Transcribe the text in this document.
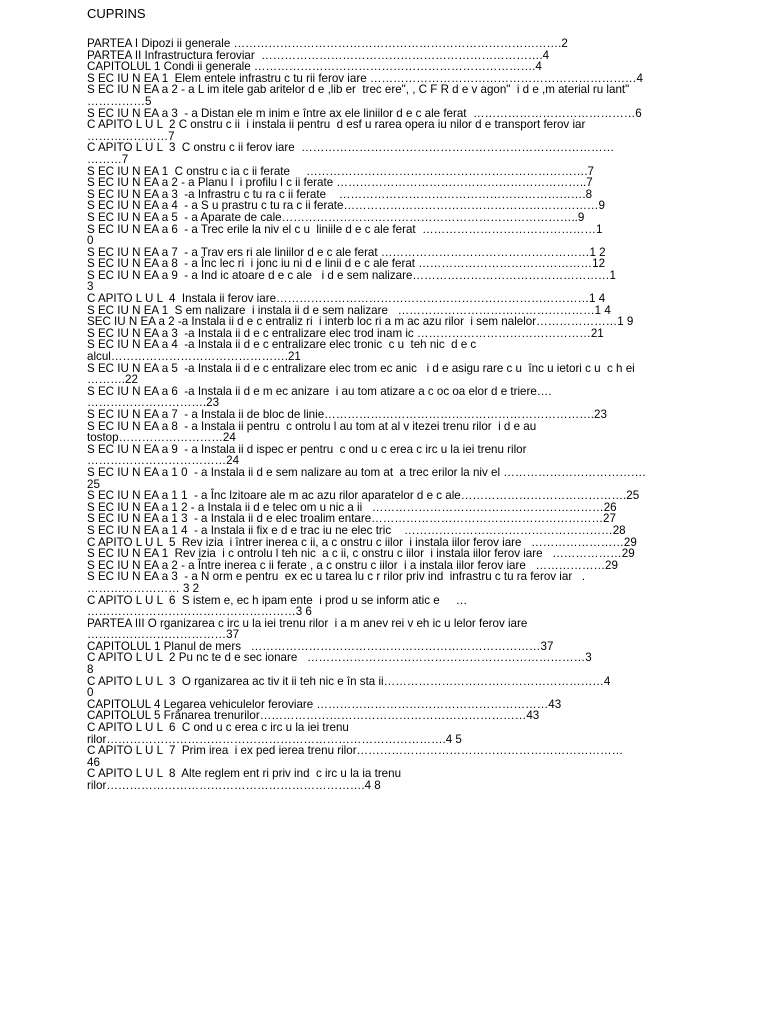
CUPRINS
PARTEA I Dipozi ii generale ………………………………………………………………………….2
PARTEA II Infrastructura feroviar  ……………………………………………………………….4
CAPITOLUL 1 Condi ii generale ……………………………………………………………….4
S EC IU N EA 1  Elem entele infrastru c tu rii ferov iare ……………………………………………………………4
S EC IU N EA a 2 - a L im itele gab aritelor d e ,lib er  trec ere", , C F R d e v agon"  i d e ,m aterial ru lant"
……………5
S EC IU N EA a 3  - a Distan ele m inim e între ax ele liniilor d e c ale ferat  ……………………………………6
C APITO L U L  2 C onstru c ii  i instala ii pentru  d esf u rarea opera iu nilor d e transport ferov iar
…………………7
C APITO L U L  3  C onstru c ii ferov iare  ………………………………………………………………………
………7
S EC IU N EA 1  C onstru c ia c ii ferate     ……………………………………………………………….7
S EC IU N EA a 2 - a Planu l  i profilu l c ii ferate ………………………………………………………..7
S EC IU N EA a 3  -a Infrastru c tu ra c ii ferate    ……………………………………………………….8
S EC IU N EA a 4  - a S u prastru c tu ra c ii ferate…………………………………………………………9
S EC IU N EA a 5  - a Aparate de cale…………………………………………………………………..9
S EC IU N EA a 6  - a Trec erile la niv el c u  liniile d e c ale ferat  ………………………………………1
0
S EC IU N EA a 7  - a Trav ers ri ale liniilor d e c ale ferat ………………………………………………1 2
S EC IU N EA a 8  - a Înc lec ri  i jonc iu ni d e linii d e c ale ferat ………………………………………12
S EC IU N EA a 9  - a Ind ic atoare d e c ale   i d e sem nalizare……………………………………………1
3
C APITO L U L  4  Instala ii ferov iare………………………………………………………………………1 4
S EC IU N EA 1  S em nalizare  i instala ii d e sem nalizare   ……………………………………………1 4
SEC IU N EA a 2 -a Instala ii d e c entraliz ri  i interb loc ri a m ac azu rilor  i sem nalelor…………………1 9
S EC IU N EA a 3  -a Instala ii d e c entralizare elec trod inam ic ………………………………………21
S EC IU N EA a 4  -a Instala ii d e c entralizare elec tronic  c u  teh nic  d e c
alcul……………………………………….21
S EC IU N EA a 5  -a Instala ii d e c entralizare elec trom ec anic   i d e asigu rare c u  înc u ietori c u  c h ei
……….22
S EC IU N EA a 6  -a Instala ii d e m ec anizare  i au tom atizare a c oc oa elor d e triere….
………………………….23
S EC IU N EA a 7  - a Instala ii de bloc de linie…………………………………………………………….23
S EC IU N EA a 8  - a Instala ii pentru  c ontrolu l au tom at al v itezei trenu rilor  i d e au
tostop………………………24
S EC IU N EA a 9  - a Instala ii d ispec er pentru  c ond u c erea c irc u la iei trenu rilor
………………………………24
S EC IU N EA a 1 0  - a Instala ii d e sem nalizare au tom at  a trec erilor la niv el ……………………………….
25
S EC IU N EA a 1 1  - a Înc lzitoare ale m ac azu rilor aparatelor d e c ale…………………………………….25
S EC IU N EA a 1 2 - a Instala ii d e telec om u nic a ii   ……………………………………………………26
S EC IU N EA a 1 3  - a Instala ii d e elec troalim entare……………………………………………………27
S EC IU N EA a 1 4  - a Instala ii fix e d e trac iu ne elec tric    ………………………………………………28
C APITO L U L  5  Rev izia  i întrer inerea c ii, a c onstru c iilor  i instala iilor ferov iare   ……………………29
S EC IU N EA 1  Rev izia  i c ontrolu l teh nic  a c ii, c onstru c iilor  i instala iilor ferov iare   ………………29
S EC IU N EA a 2 - a Între inerea c ii ferate , a c onstru c iilor  i a instala iilor ferov iare   ………………29
S EC IU N EA a 3  - a N orm e pentru  ex ec u tarea lu c r rilor priv ind  infrastru c tu ra ferov iar   .
…………………… 3 2
C APITO L U L  6  S istem e, ec h ipam ente  i prod u se inform atic e     …
………………………………………………3 6
PARTEA III O rganizarea c irc u la iei trenu rilor  i a m anev rei v eh ic u lelor ferov iare
………………………………37
CAPITOLUL 1 Planul de mers   …………………………………………………………………37
C APITO L U L  2 Pu nc te d e sec ionare   ………………………………………………………………3
8
C APITO L U L  3  O rganizarea ac tiv it ii teh nic e în sta ii…………………………………………………4
0
CAPITOLUL 4 Legarea vehiculelor feroviare ……………………………………………………43
CAPITOLUL 5 Frânarea trenurilor……………………………………………………………43
C APITO L U L  6  C ond u c erea c irc u la iei trenu
rilor…………………………………………………………………………….4 5
C APITO L U L  7  Prim irea  i ex ped ierea trenu rilor……………………………………………………………
46
C APITO L U L  8  Alte reglem ent ri priv ind  c irc u la ia trenu
rilor………………………………………………………….4 8
